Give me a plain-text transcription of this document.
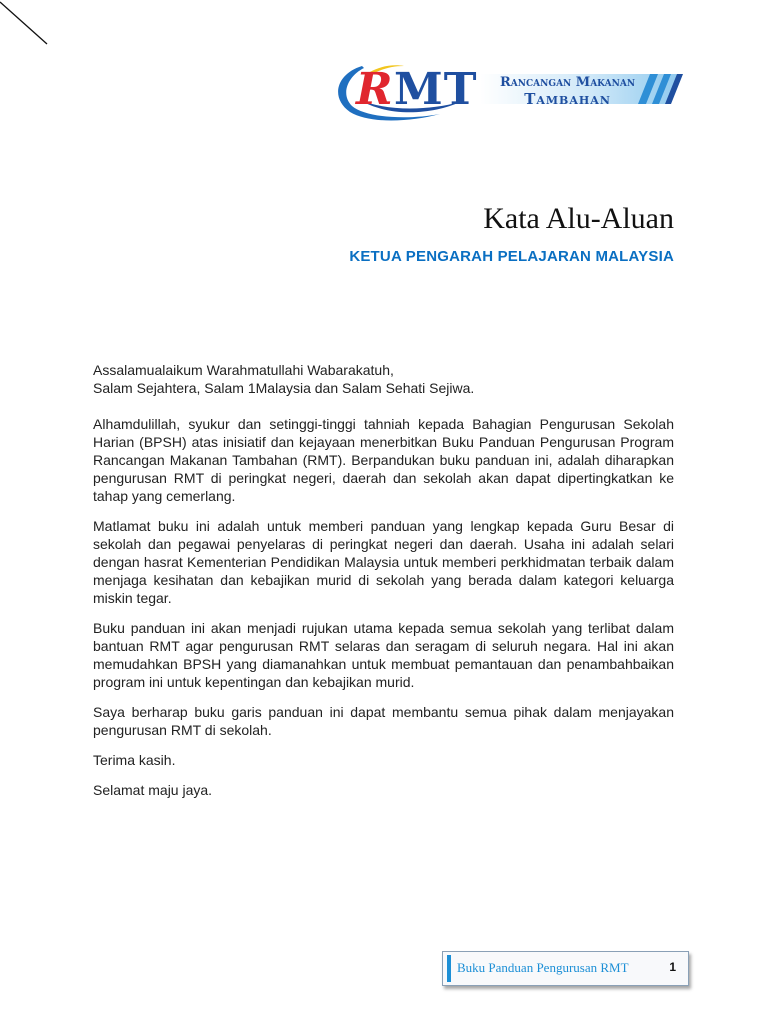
R MT Rancangan Makanan
Tambahan
Kata Alu-Aluan
KETUA PENGARAH PELAJARAN MALAYSIA

Assalamualaikum Warahmatullahi Wabarakatuh,
Salam Sejahtera, Salam 1Malaysia dan Salam Sehati Sejiwa.

Alhamdulillah, syukur dan setinggi-tinggi tahniah kepada Bahagian Pengurusan Sekolah Harian (BPSH) atas inisiatif dan kejayaan menerbitkan Buku Panduan Pengurusan Program Rancangan Makanan Tambahan (RMT). Berpandukan buku panduan ini, adalah diharapkan pengurusan RMT di peringkat negeri, daerah dan sekolah akan dapat dipertingkatkan ke tahap yang cemerlang.

Matlamat buku ini adalah untuk memberi panduan yang lengkap kepada Guru Besar di sekolah dan pegawai penyelaras di peringkat negeri dan daerah. Usaha ini adalah selari dengan hasrat Kementerian Pendidikan Malaysia untuk memberi perkhidmatan terbaik dalam menjaga kesihatan dan kebajikan murid di sekolah yang berada dalam kategori keluarga miskin tegar.

Buku panduan ini akan menjadi rujukan utama kepada semua sekolah yang terlibat dalam bantuan RMT agar pengurusan RMT selaras dan seragam di seluruh negara. Hal ini akan memudahkan BPSH yang diamanahkan untuk membuat pemantauan dan penambahbaikan program ini untuk kepentingan dan kebajikan murid.

Saya berharap buku garis panduan ini dapat membantu semua pihak dalam menjayakan pengurusan RMT di sekolah.

Terima kasih.

Selamat maju jaya.

Buku Panduan Pengurusan RMT	1
